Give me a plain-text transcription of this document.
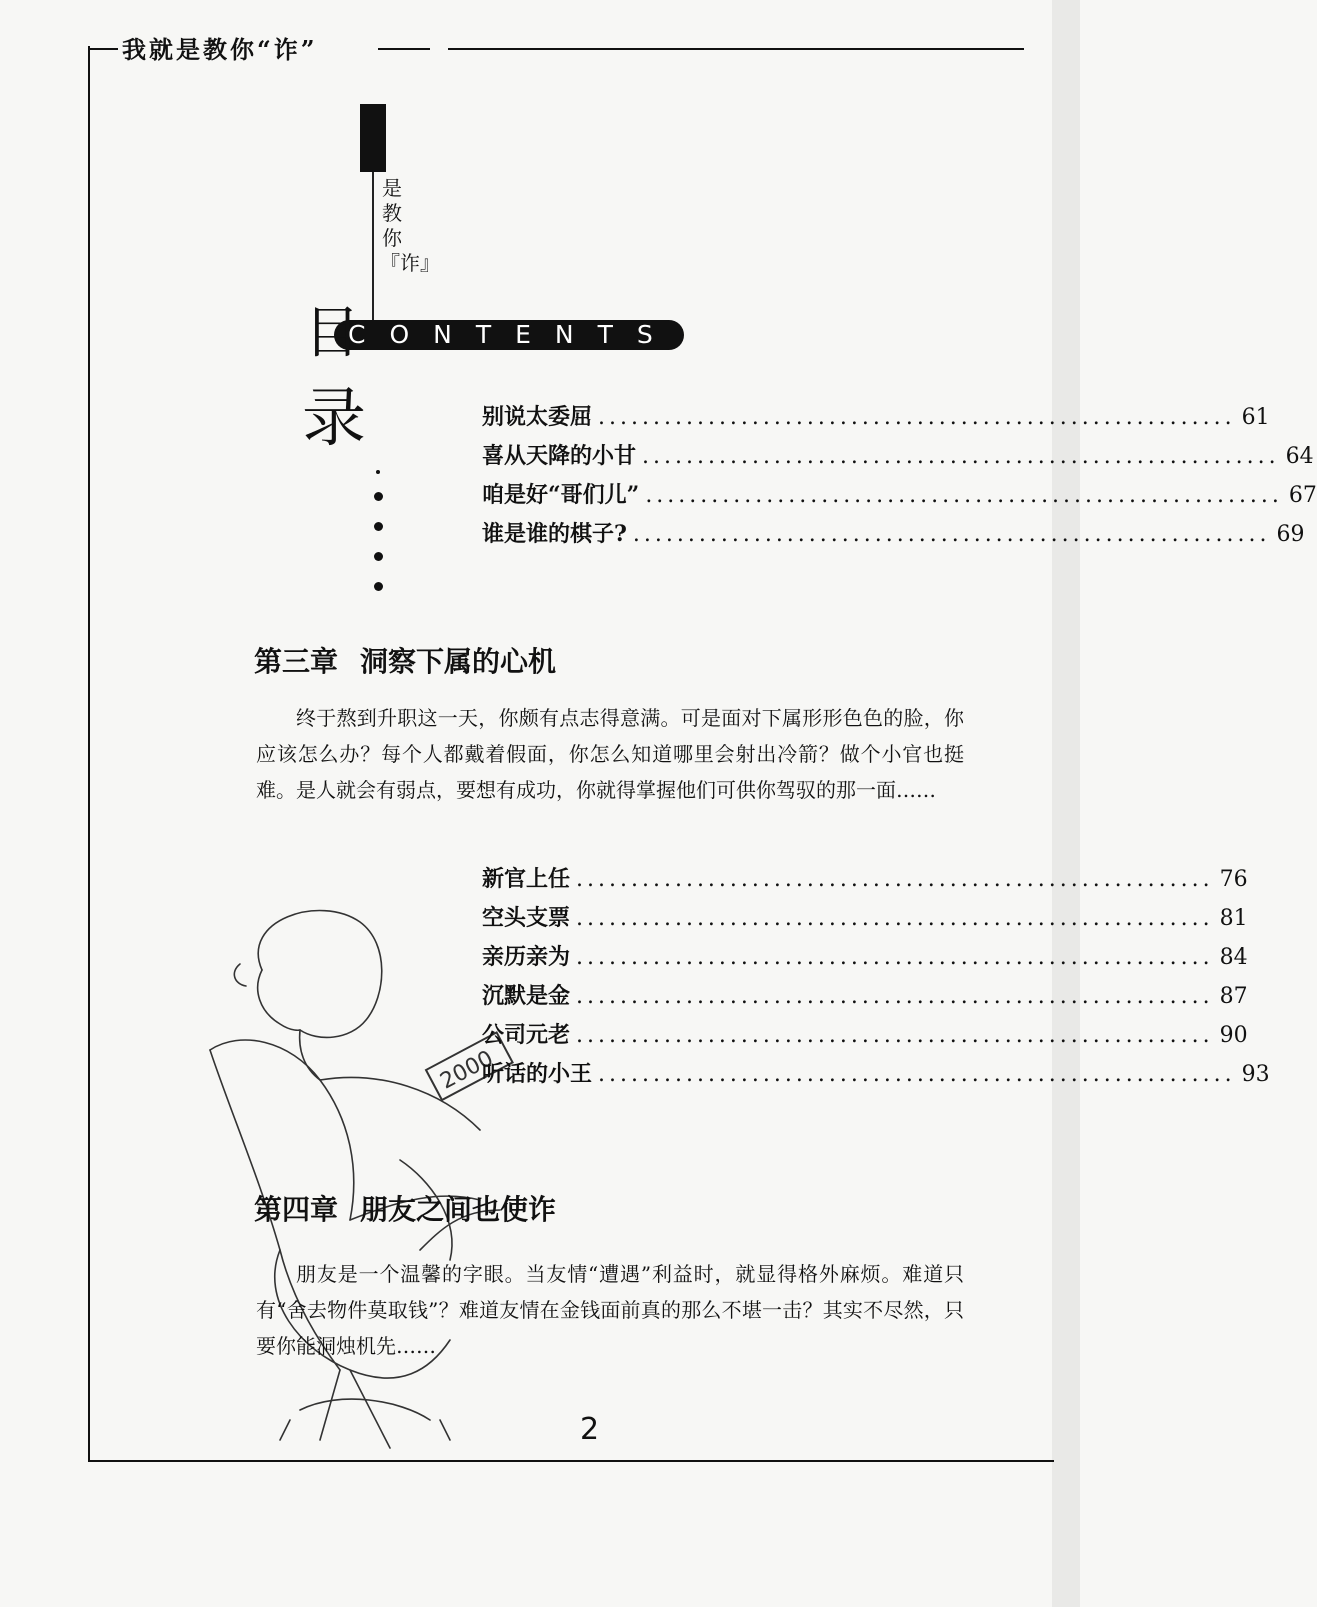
我就是教你“诈”
是教你『诈』
CONTENTS
目
录	别说太委屈 .......................................................... 61
喜从天降的小甘 .......................................................... 64
咱是好“哥们儿” .......................................................... 67
谁是谁的棋子? .......................................................... 69
第三章 洞察下属的心机
终于熬到升职这一天，你颇有点志得意满。可是面对下属形形色色的脸，你应该怎么办？每个人都戴着假面，你怎么知道哪里会射出冷箭？做个小官也挺难。是人就会有弱点，要想有成功，你就得掌握他们可供你驾驭的那一面……
2000
新官上任 .......................................................... 76
空头支票 .......................................................... 81
亲历亲为 .......................................................... 84
沉默是金 .......................................................... 87
公司元老 .......................................................... 90
听话的小王 .......................................................... 93
第四章 朋友之间也使诈
朋友是一个温馨的字眼。当友情“遭遇”利益时，就显得格外麻烦。难道只有“舍去物件莫取钱”？难道友情在金钱面前真的那么不堪一击？其实不尽然，只要你能洞烛机先……
2
